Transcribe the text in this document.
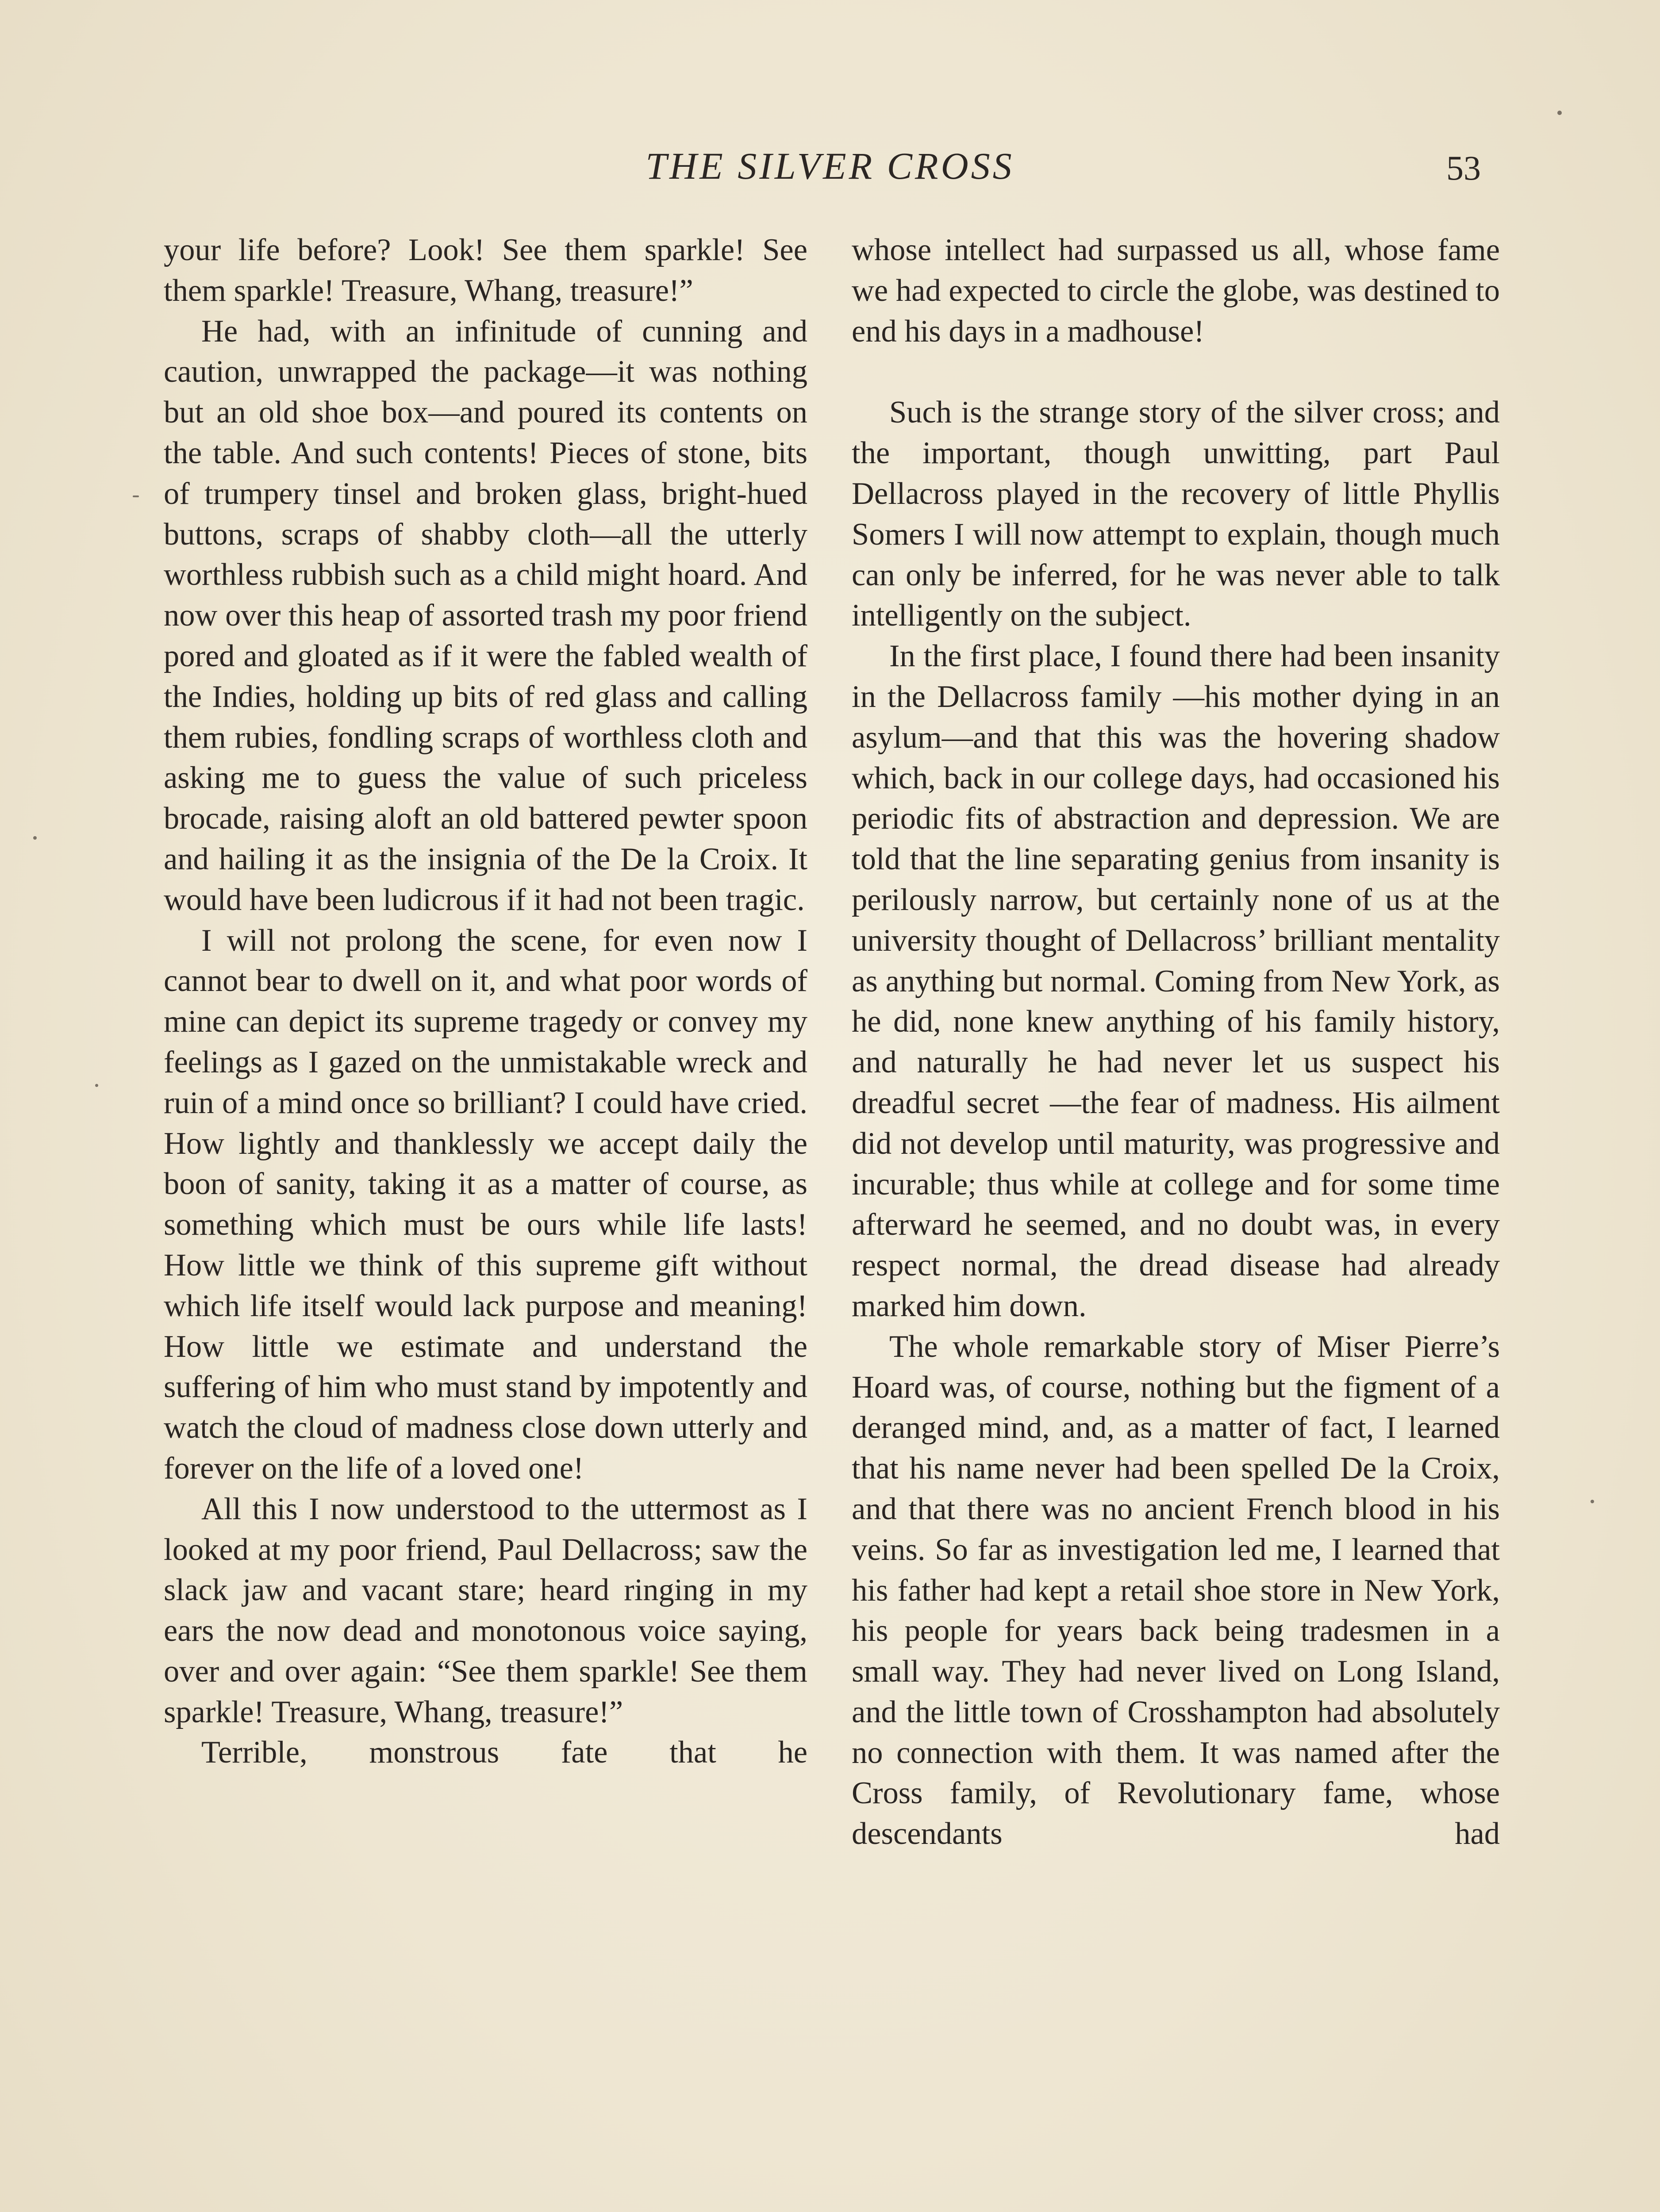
THE SILVER CROSS	53

your life before? Look! See them sparkle! See them sparkle! Treasure, Whang, treasure!”

He had, with an infinitude of cunning and caution, unwrapped the package—it was nothing but an old shoe box—and poured its contents on the table. And such contents! Pieces of stone, bits of trumpery tinsel and broken glass, bright-hued buttons, scraps of shabby cloth—all the utterly worthless rubbish such as a child might hoard. And now over this heap of assorted trash my poor friend pored and gloated as if it were the fabled wealth of the Indies, holding up bits of red glass and calling them rubies, fondling scraps of worthless cloth and asking me to guess the value of such priceless brocade, raising aloft an old battered pewter spoon and hailing it as the insignia of the De la Croix. It would have been ludicrous if it had not been tragic.

I will not prolong the scene, for even now I cannot bear to dwell on it, and what poor words of mine can depict its supreme tragedy or convey my feelings as I gazed on the unmistakable wreck and ruin of a mind once so brilliant? I could have cried. How lightly and thanklessly we accept daily the boon of sanity, taking it as a matter of course, as something which must be ours while life lasts! How little we think of this supreme gift without which life itself would lack purpose and meaning! How little we estimate and understand the suffering of him who must stand by impotently and watch the cloud of madness close down utterly and forever on the life of a loved one!

All this I now understood to the uttermost as I looked at my poor friend, Paul Dellacross; saw the slack jaw and vacant stare; heard ringing in my ears the now dead and monotonous voice saying, over and over again: “See them sparkle! See them sparkle! Treasure, Whang, treasure!”

Terrible, monstrous fate that he

whose intellect had surpassed us all, whose fame we had expected to circle the globe, was destined to end his days in a madhouse!

Such is the strange story of the silver cross; and the important, though unwitting, part Paul Dellacross played in the recovery of little Phyllis Somers I will now attempt to explain, though much can only be inferred, for he was never able to talk intelligently on the subject.

In the first place, I found there had been insanity in the Dellacross family —his mother dying in an asylum—and that this was the hovering shadow which, back in our college days, had occasioned his periodic fits of abstraction and depression. We are told that the line separating genius from insanity is perilously narrow, but certainly none of us at the university thought of Dellacross’ brilliant mentality as anything but normal. Coming from New York, as he did, none knew anything of his family history, and naturally he had never let us suspect his dreadful secret —the fear of madness. His ailment did not develop until maturity, was progressive and incurable; thus while at college and for some time afterward he seemed, and no doubt was, in every respect normal, the dread disease had already marked him down.

The whole remarkable story of Miser Pierre’s Hoard was, of course, nothing but the figment of a deranged mind, and, as a matter of fact, I learned that his name never had been spelled De la Croix, and that there was no ancient French blood in his veins. So far as investigation led me, I learned that his father had kept a retail shoe store in New York, his people for years back being tradesmen in a small way. They had never lived on Long Island, and the little town of Crosshampton had absolutely no connection with them. It was named after the Cross family, of Revolutionary fame, whose descendants had
